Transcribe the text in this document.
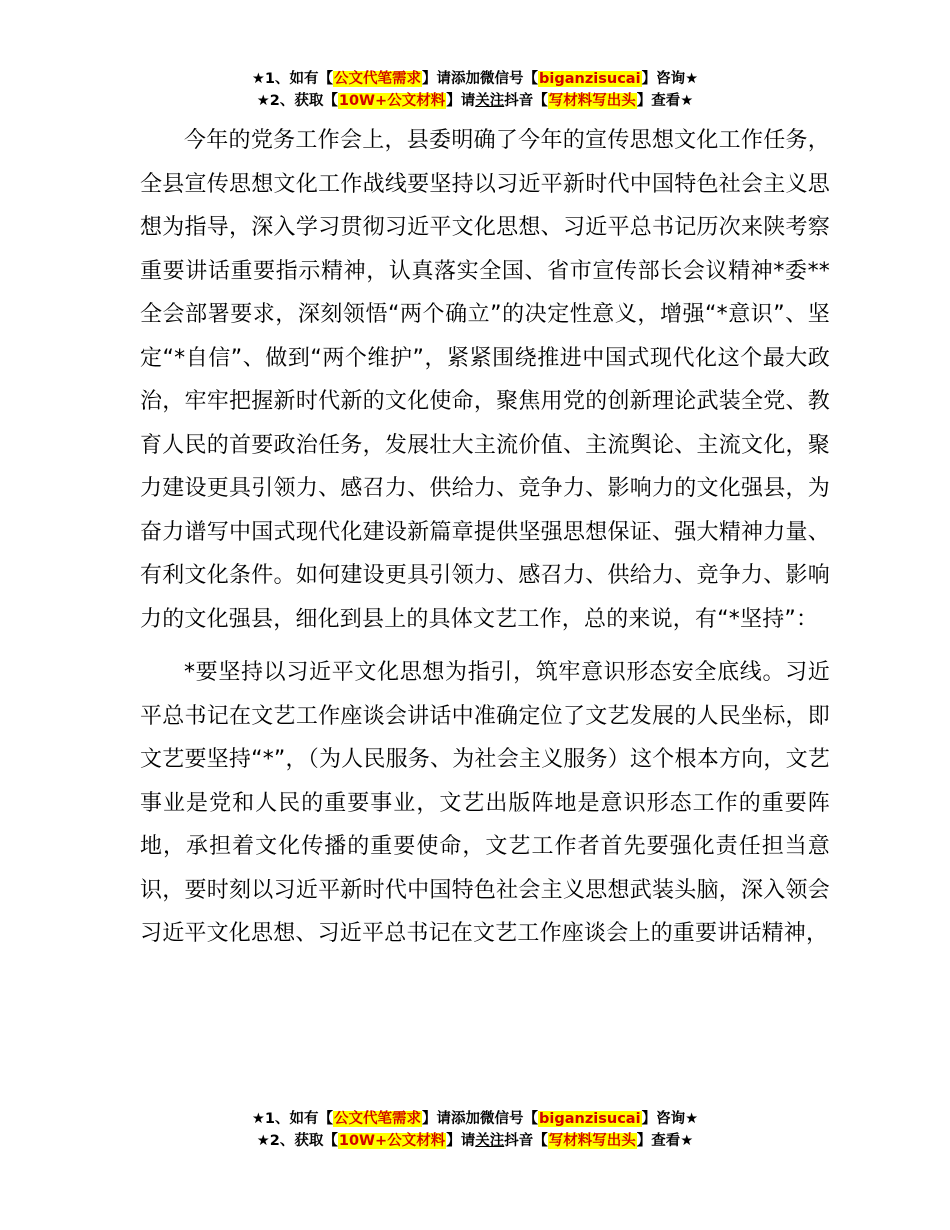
★1、如有【公文代笔需求】请添加微信号【biganzisucai】咨询★
★2、获取【10W+公文材料】请关注抖音【写材料写出头】查看★

今年的党务工作会上，县委明确了今年的宣传思想文化工作任务，全县宣传思想文化工作战线要坚持以习近平新时代中国特色社会主义思想为指导，深入学习贯彻习近平文化思想、习近平总书记历次来陕考察重要讲话重要指示精神，认真落实全国、省市宣传部长会议精神*委**全会部署要求，深刻领悟“两个确立”的决定性意义，增强“*意识”、坚定“*自信”、做到“两个维护”，紧紧围绕推进中国式现代化这个最大政治，牢牢把握新时代新的文化使命，聚焦用党的创新理论武装全党、教育人民的首要政治任务，发展壮大主流价值、主流舆论、主流文化，聚力建设更具引领力、感召力、供给力、竞争力、影响力的文化强县，为奋力谱写中国式现代化建设新篇章提供坚强思想保证、强大精神力量、有利文化条件。如何建设更具引领力、感召力、供给力、竞争力、影响力的文化强县，细化到县上的具体文艺工作，总的来说，有“*坚持”：

*要坚持以习近平文化思想为指引，筑牢意识形态安全底线。习近平总书记在文艺工作座谈会讲话中准确定位了文艺发展的人民坐标，即文艺要坚持“*”，（为人民服务、为社会主义服务）这个根本方向，文艺事业是党和人民的重要事业，文艺出版阵地是意识形态工作的重要阵地，承担着文化传播的重要使命，文艺工作者首先要强化责任担当意识，要时刻以习近平新时代中国特色社会主义思想武装头脑，深入领会习近平文化思想、习近平总书记在文艺工作座谈会上的重要讲话精神，

★1、如有【公文代笔需求】请添加微信号【biganzisucai】咨询★
★2、获取【10W+公文材料】请关注抖音【写材料写出头】查看★
